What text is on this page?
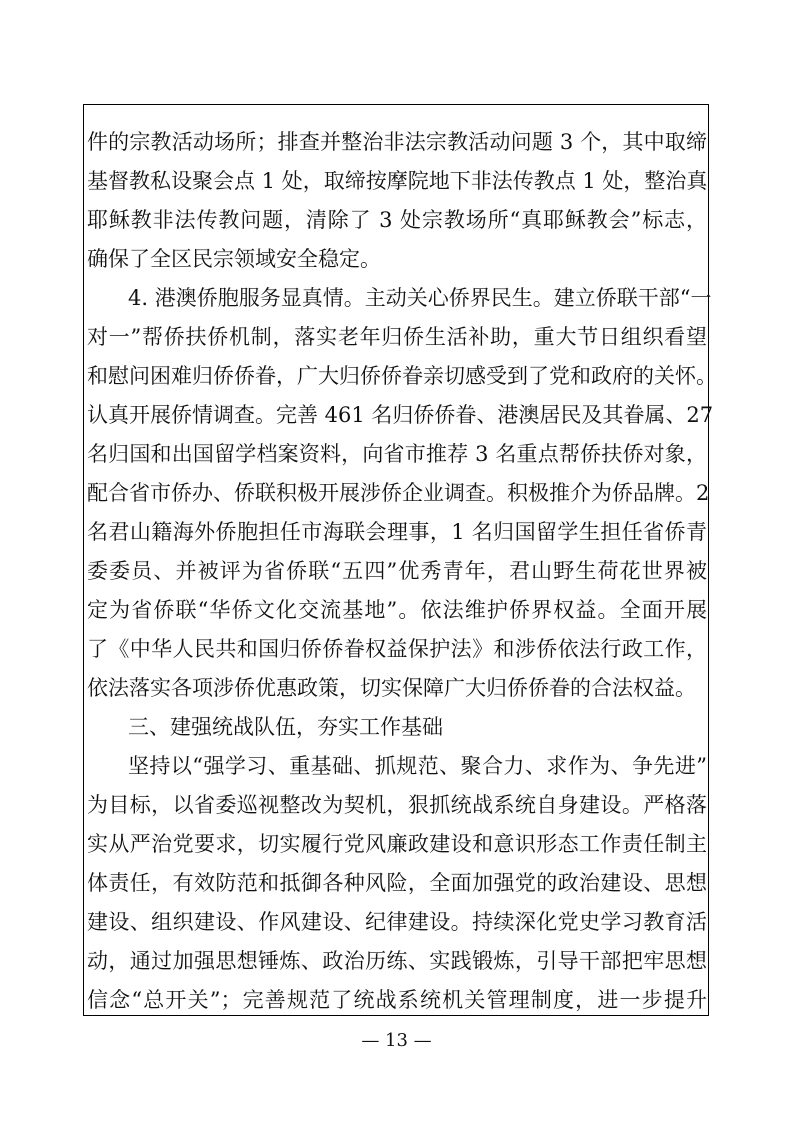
件的宗教活动场所；排查并整治非法宗教活动问题 3 个，其中取缔
基督教私设聚会点 1 处，取缔按摩院地下非法传教点 1 处，整治真
耶稣教非法传教问题，清除了 3 处宗教场所“真耶稣教会”标志，
确保了全区民宗领域安全稳定。
4. 港澳侨胞服务显真情。主动关心侨界民生。建立侨联干部“一
对一”帮侨扶侨机制，落实老年归侨生活补助，重大节日组织看望
和慰问困难归侨侨眷，广大归侨侨眷亲切感受到了党和政府的关怀。
认真开展侨情调查。完善 461 名归侨侨眷、港澳居民及其眷属、27
名归国和出国留学档案资料，向省市推荐 3 名重点帮侨扶侨对象，
配合省市侨办、侨联积极开展涉侨企业调查。积极推介为侨品牌。2
名君山籍海外侨胞担任市海联会理事，1 名归国留学生担任省侨青
委委员、并被评为省侨联“五四”优秀青年，君山野生荷花世界被
定为省侨联“华侨文化交流基地”。依法维护侨界权益。全面开展
了《中华人民共和国归侨侨眷权益保护法》和涉侨依法行政工作，
依法落实各项涉侨优惠政策，切实保障广大归侨侨眷的合法权益。
三、建强统战队伍，夯实工作基础
坚持以“强学习、重基础、抓规范、聚合力、求作为、争先进”
为目标，以省委巡视整改为契机，狠抓统战系统自身建设。严格落
实从严治党要求，切实履行党风廉政建设和意识形态工作责任制主
体责任，有效防范和抵御各种风险，全面加强党的政治建设、思想
建设、组织建设、作风建设、纪律建设。持续深化党史学习教育活
动，通过加强思想锤炼、政治历练、实践锻炼，引导干部把牢思想
信念“总开关”；完善规范了统战系统机关管理制度，进一步提升
— 13 —
